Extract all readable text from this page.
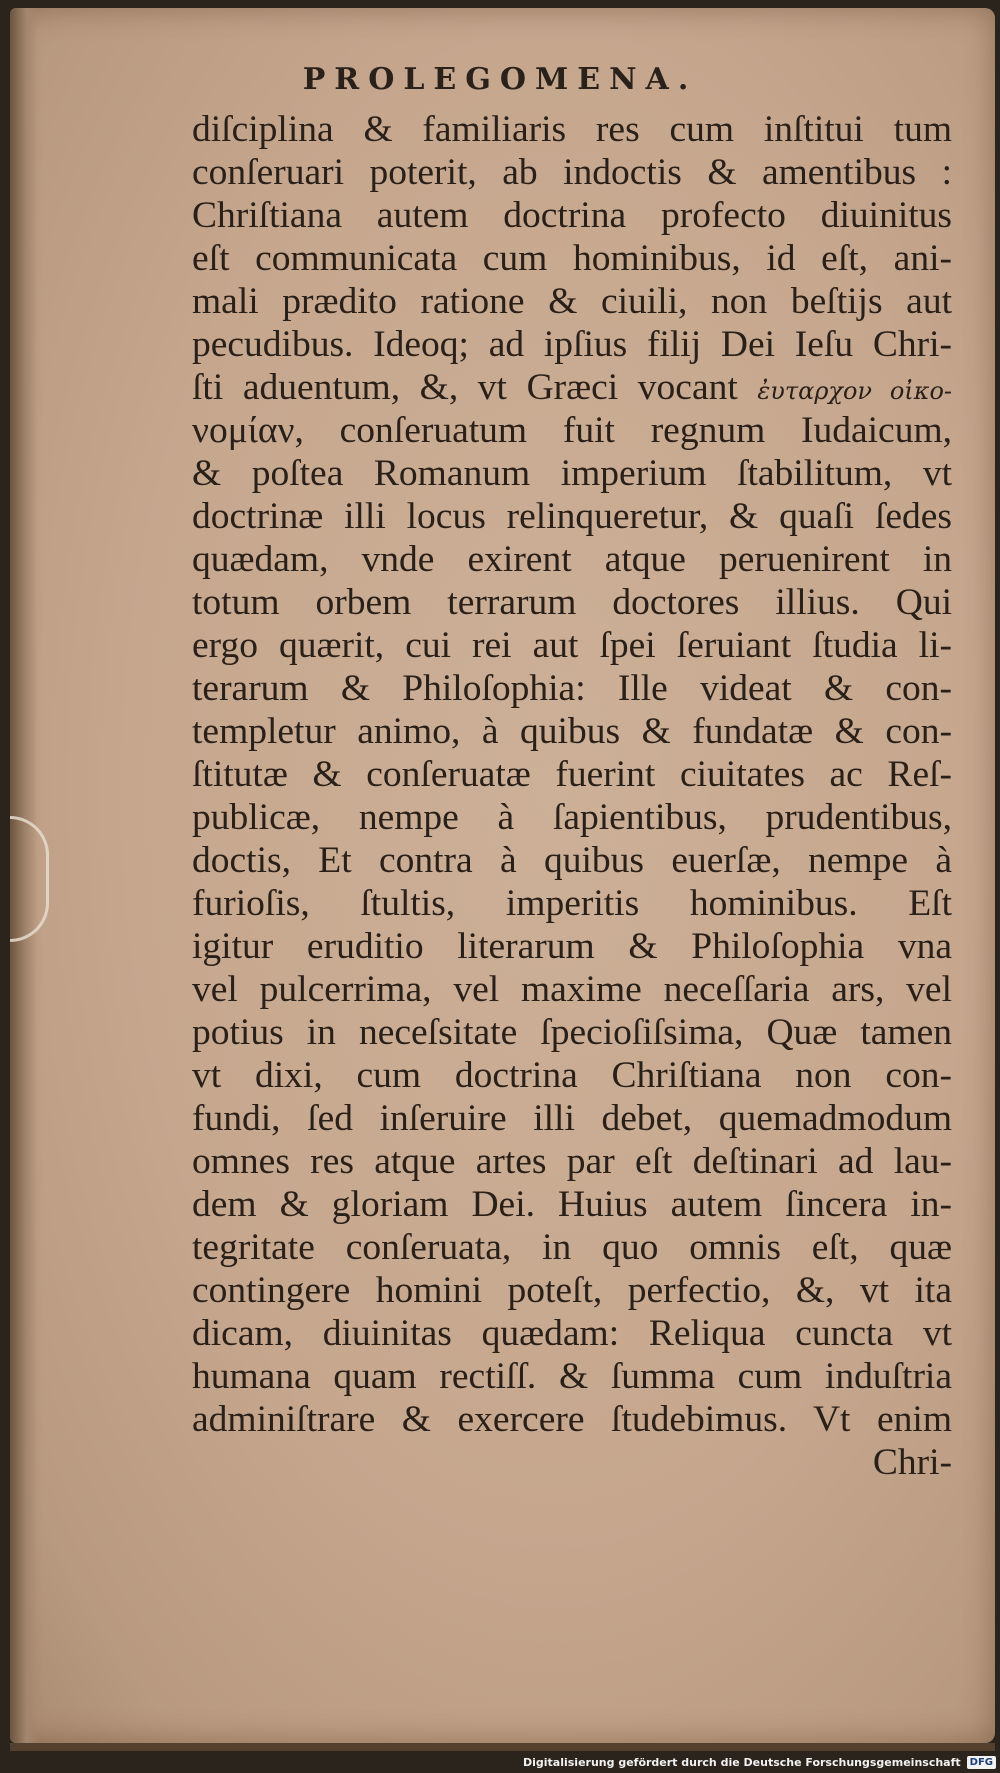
PROLEGOMENA.
diſciplina & familiaris res cum inſtitui tum
conſeruari poterit, ab indoctis & amentibus :
Chriſtiana autem doctrina profecto diuinitus
eſt communicata cum hominibus, id eſt, ani-
mali prædito ratione & ciuili, non beſtijs aut
pecudibus. Ideoq; ad ipſius filij Dei Ieſu Chri-
ſti aduentum, &, vt Græci vocant ἐυταρχον οἰκο-
νομίαν, conſeruatum fuit regnum Iudaicum,
& poſtea Romanum imperium ſtabilitum, vt
doctrinæ illi locus relinqueretur, & quaſi ſedes
quædam, vnde exirent atque peruenirent in
totum orbem terrarum doctores illius. Qui
ergo quærit, cui rei aut ſpei ſeruiant ſtudia li-
terarum & Philoſophia: Ille videat & con-
templetur animo, à quibus & fundatæ & con-
ſtitutæ & conſeruatæ fuerint ciuitates ac Reſ-
publicæ, nempe à ſapientibus, prudentibus,
doctis, Et contra à quibus euerſæ, nempe à
furioſis, ſtultis, imperitis hominibus. Eſt
igitur eruditio literarum & Philoſophia vna
vel pulcerrima, vel maxime neceſſaria ars, vel
potius in neceſsitate ſpecioſiſsima, Quæ tamen
vt dixi, cum doctrina Chriſtiana non con-
fundi, ſed inſeruire illi debet, quemadmodum
omnes res atque artes par eſt deſtinari ad lau-
dem & gloriam Dei. Huius autem ſincera in-
tegritate conſeruata, in quo omnis eſt, quæ
contingere homini poteſt, perfectio, &, vt ita
dicam, diuinitas quædam: Reliqua cuncta vt
humana quam rectiſſ. & ſumma cum induſtria
adminiſtrare & exercere ſtudebimus. Vt enim
Chri-
Digitalisierung gefördert durch die Deutsche Forschungsgemeinschaft DFG
